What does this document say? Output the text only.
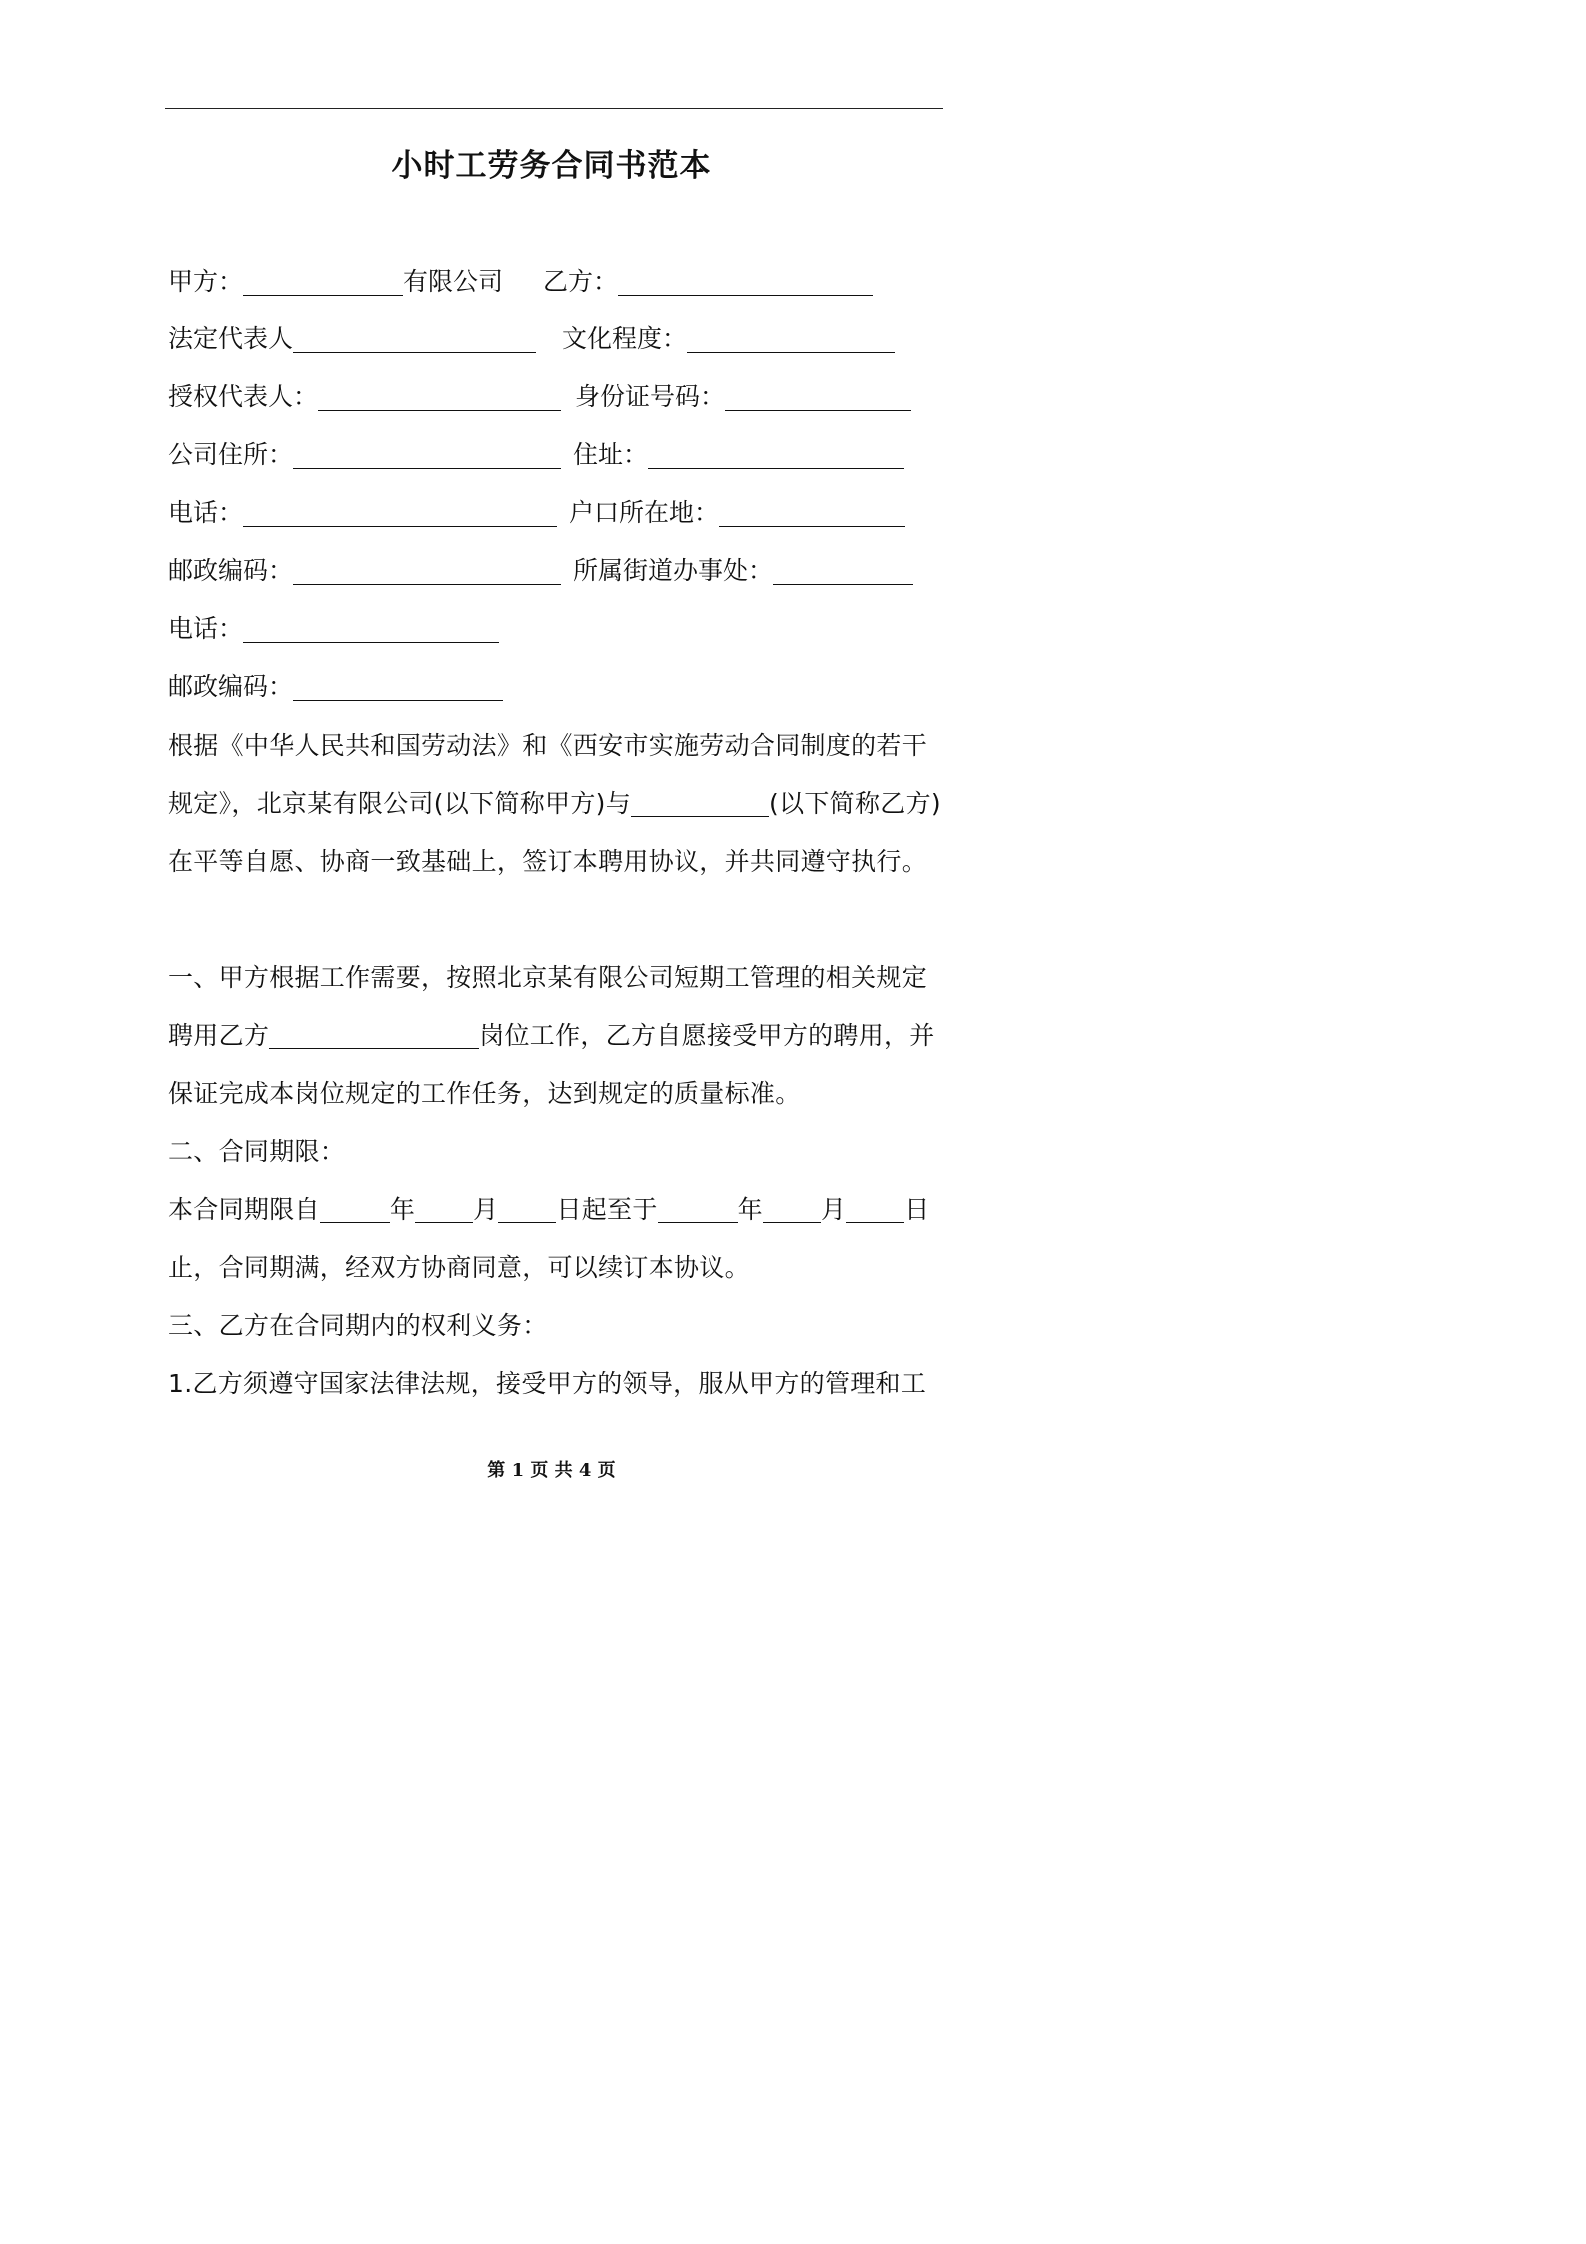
小时工劳务合同书范本
甲方：	有限公司 乙方：
法定代表人	文化程度：
授权代表人：	身份证号码：
公司住所：	住址：
电话：	户口所在地：
邮政编码：	所属街道办事处：
电话：
邮政编码：
根据《中华人民共和国劳动法》和《西安市实施劳动合同制度的若干规定》，北京某有限公司(以下简称甲方)与	(以下简称乙方)在平等自愿、协商一致基础上，签订本聘用协议，并共同遵守执行。
一、甲方根据工作需要，按照北京某有限公司短期工管理的相关规定聘用乙方	岗位工作，乙方自愿接受甲方的聘用，并保证完成本岗位规定的工作任务，达到规定的质量标准。
二、合同期限：
本合同期限自	年 月 日起至于	年 月 日止，合同期满，经双方协商同意，可以续订本协议。
三、乙方在合同期内的权利义务：
1.乙方须遵守国家法律法规，接受甲方的领导，服从甲方的管理和工
第 1 页 共 4 页
